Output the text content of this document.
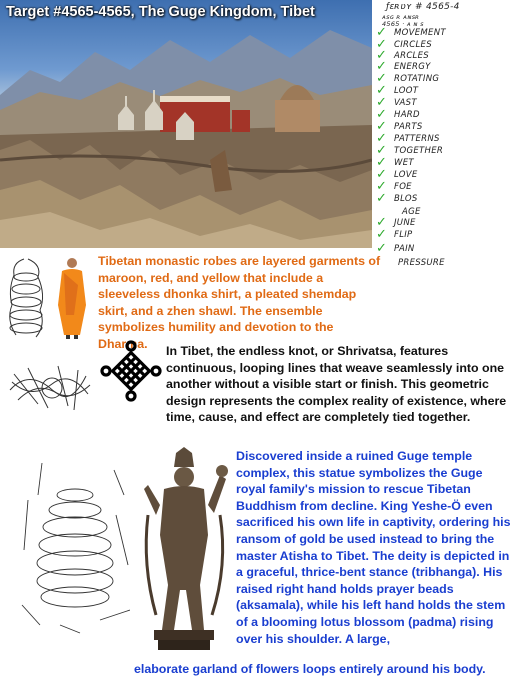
Target #4565-4565, The Guge Kingdom, Tibet	ƒɛʀʋʏ # 4565-4
ᴀsɢ ʀ ᴀɴsʀ
4565 · ᴀ ɴ s
✓ MOVEMENT
✓ CIRCLES
✓ ARCLES
✓ ENERGY
✓ ROTATING
✓ LOOT
✓ VAST
✓ HARD
✓ PARTS
✓ PATTERNS
✓ TOGETHER
✓ WET
✓ LOVE
✓ FOE
✓ BLOS
AGE
✓ JUNE
✓ FLIP
✓ PAIN
PRESSURE

Tibetan monastic robes are layered garments of maroon, red, and yellow that include a sleeveless dhonka shirt, a pleated shemdap skirt, and a zhen shawl. The ensemble symbolizes humility and devotion to the Dharma.

In Tibet, the endless knot, or Shrivatsa, features continuous, looping lines that weave seamlessly into one another without a visible start or finish. This geometric design represents the complex reality of existence, where time, cause, and effect are completely tied together.

Discovered inside a ruined Guge temple complex, this statue symbolizes the Guge royal family's mission to rescue Tibetan Buddhism from decline. King Yeshe-Ö even sacrificed his own life in captivity, ordering his ransom of gold be used instead to bring the master Atisha to Tibet. The deity is depicted in a graceful, thrice-bent stance (tribhanga). His raised right hand holds prayer beads (aksamala), while his left hand holds the stem of a blooming lotus blossom (padma) rising over his shoulder. A large,

elaborate garland of flowers loops entirely around his body.
